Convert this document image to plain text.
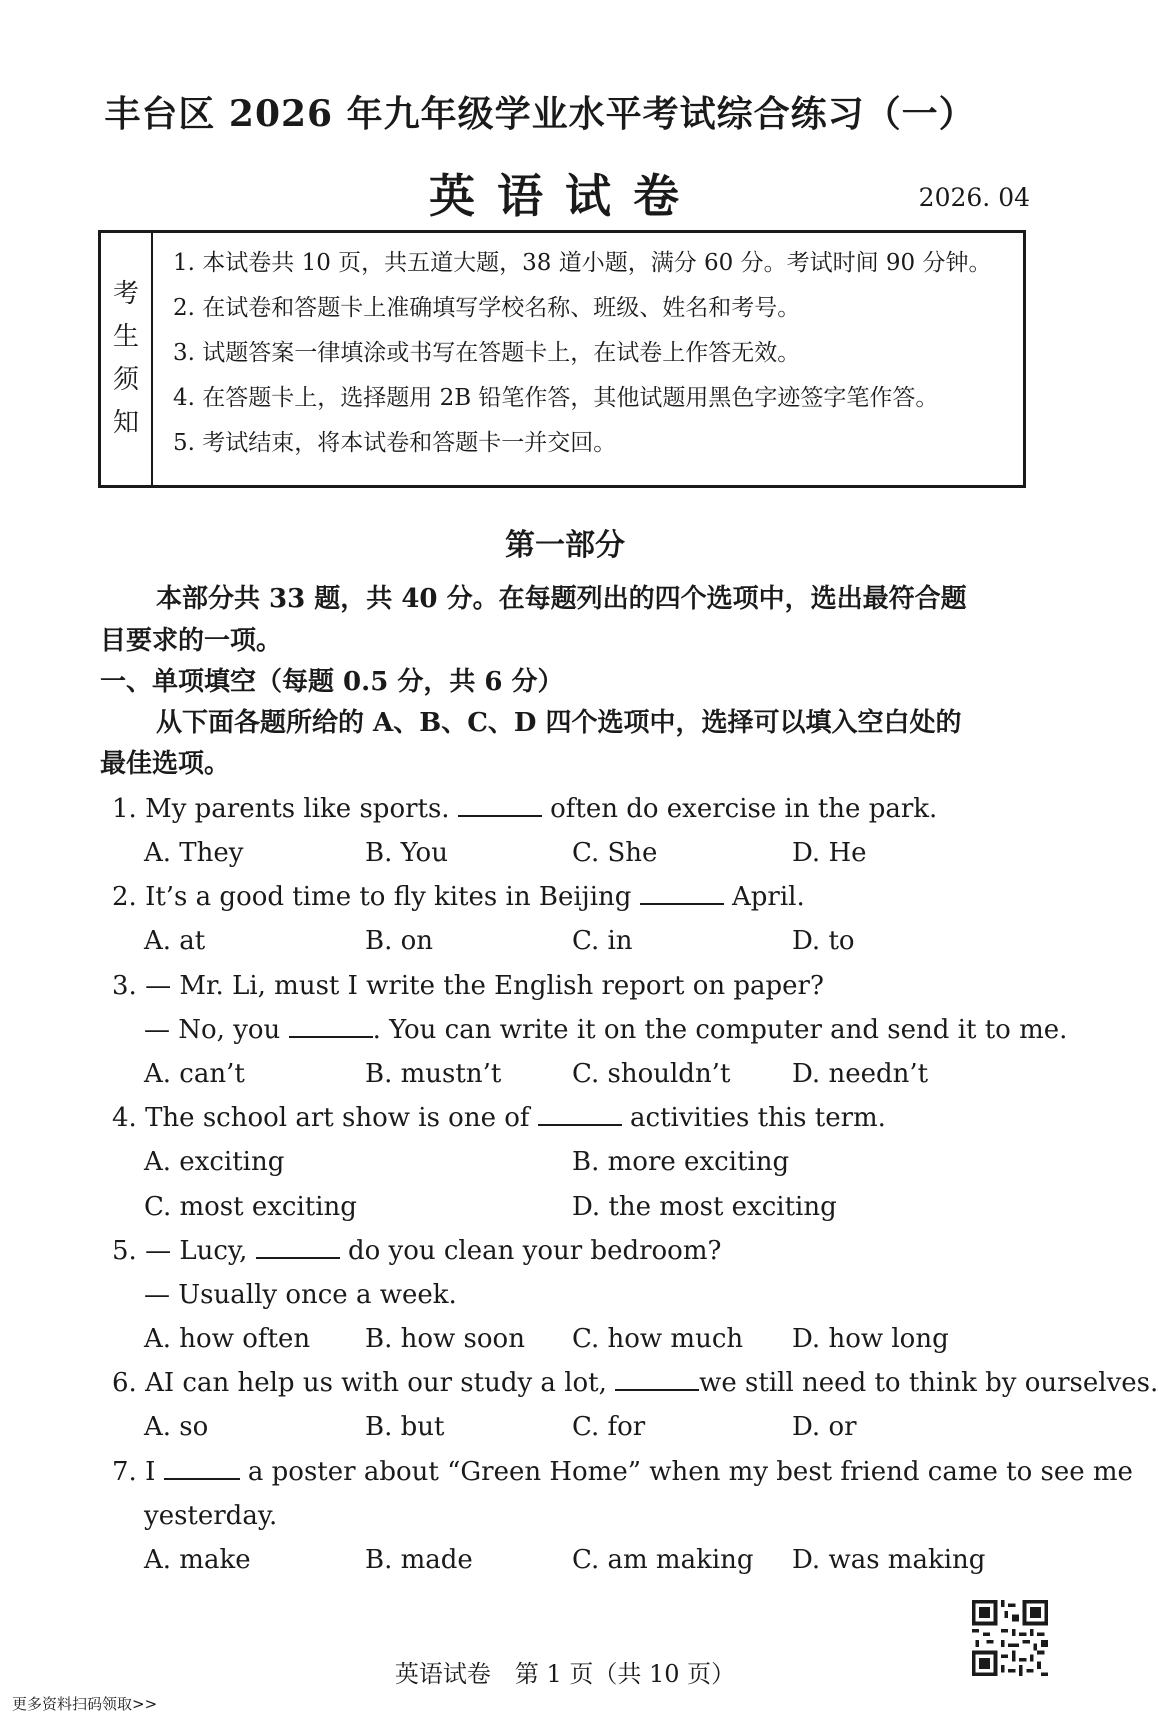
丰台区 2026 年九年级学业水平考试综合练习（一）
英语试卷	2026. 04
考
生
须
知
1. 本试卷共 10 页，共五道大题，38 道小题，满分 60 分。考试时间 90 分钟。
2. 在试卷和答题卡上准确填写学校名称、班级、姓名和考号。
3. 试题答案一律填涂或书写在答题卡上，在试卷上作答无效。
4. 在答题卡上，选择题用 2B 铅笔作答，其他试题用黑色字迹签字笔作答。
5. 考试结束，将本试卷和答题卡一并交回。
第一部分
本部分共 33 题，共 40 分。在每题列出的四个选项中，选出最符合题
目要求的一项。
一、单项填空（每题 0.5 分，共 6 分）
从下面各题所给的 A、B、C、D 四个选项中，选择可以填入空白处的
最佳选项。
1. My parents like sports.	often do exercise in the park.
A. They	B. You	C. She	D. He
2. It’s a good time to fly kites in Beijing	April.
A. at	B. on	C. in	D. to
3. — Mr. Li, must I write the English report on paper?
— No, you	. You can write it on the computer and send it to me.
A. can’t	B. mustn’t	C. shouldn’t D. needn’t
4. The school art show is one of	activities this term.
A. exciting	B. more exciting
C. most exciting	D. the most exciting
5. — Lucy,	do you clean your bedroom?
— Usually once a week.
A. how often B. how soon C. how much D. how long
6. AI can help us with our study a lot,	we still need to think by ourselves.
A. so	B. but	C. for	D. or
7. I	a poster about “Green Home” when my best friend came to see me
yesterday.
A. make	B. made	C. am making D. was making
英语试卷　第 1 页（共 10 页）
更多资料扫码领取>>
